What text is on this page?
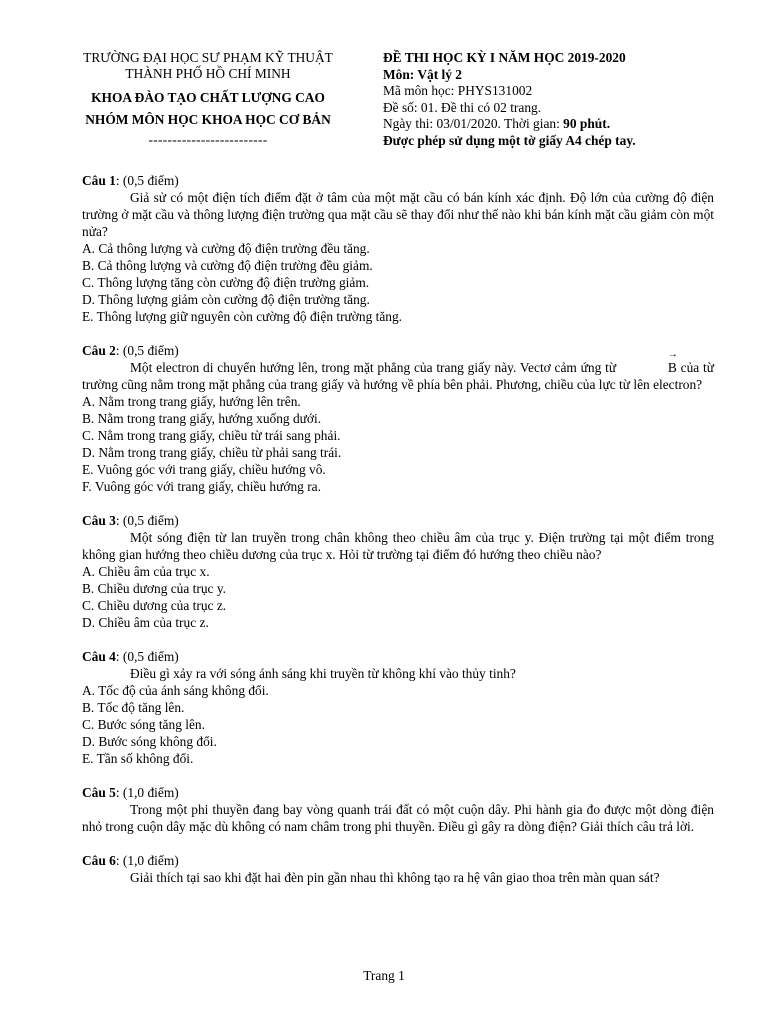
TRƯỜNG ĐẠI HỌC SƯ PHẠM KỸ THUẬT
THÀNH PHỐ HỒ CHÍ MINH
KHOA ĐÀO TẠO CHẤT LƯỢNG CAO
NHÓM MÔN HỌC KHOA HỌC CƠ BẢN
-------------------------
ĐỀ THI HỌC KỲ I NĂM HỌC 2019-2020
Môn: Vật lý 2
Mã môn học: PHYS131002
Đề số: 01. Đề thi có 02 trang.
Ngày thi: 03/01/2020. Thời gian: 90 phút.
Được phép sử dụng một tờ giấy A4 chép tay.
Câu 1: (0,5 điểm)
Giả sử có một điện tích điểm đặt ở tâm của một mặt cầu có bán kính xác định. Độ lớn của cường độ điện trường ở mặt cầu và thông lượng điện trường qua mặt cầu sẽ thay đổi như thế nào khi bán kính mặt cầu giảm còn một nửa?
A. Cả thông lượng và cường độ điện trường đều tăng.
B. Cả thông lượng và cường độ điện trường đều giảm.
C. Thông lượng tăng còn cường độ điện trường giảm.
D. Thông lượng giảm còn cường độ điện trường tăng.
E. Thông lượng giữ nguyên còn cường độ điện trường tăng.
Câu 2: (0,5 điểm)
Một electron di chuyển hướng lên, trong mặt phẳng của trang giấy này. Vectơ cảm ứng từ →	B của từ trường cũng nằm trong mặt phẳng của trang giấy và hướng về phía bên phải. Phương, chiều của lực từ lên electron?
A. Nằm trong trang giấy, hướng lên trên.
B. Nằm trong trang giấy, hướng xuống dưới.
C. Nằm trong trang giấy, chiều từ trái sang phải.
D. Nằm trong trang giấy, chiều từ phải sang trái.
E. Vuông góc với trang giấy, chiều hướng vô.
F. Vuông góc với trang giấy, chiều hướng ra.
Câu 3: (0,5 điểm)
Một sóng điện từ lan truyền trong chân không theo chiều âm của trục y. Điện trường tại một điểm trong không gian hướng theo chiều dương của trục x. Hỏi từ trường tại điểm đó hướng theo chiều nào?
A. Chiều âm của trục x.
B. Chiều dương của trục y.
C. Chiều dương của trục z.
D. Chiều âm của trục z.
Câu 4: (0,5 điểm)
Điều gì xảy ra với sóng ánh sáng khi truyền từ không khí vào thủy tinh?
A. Tốc độ của ánh sáng không đổi.
B. Tốc độ tăng lên.
C. Bước sóng tăng lên.
D. Bước sóng không đổi.
E. Tần số không đổi.
Câu 5: (1,0 điểm)
Trong một phi thuyền đang bay vòng quanh trái đất có một cuộn dây. Phi hành gia đo được một dòng điện nhỏ trong cuộn dây mặc dù không có nam châm trong phi thuyền. Điều gì gây ra dòng điện? Giải thích câu trả lời.
Câu 6: (1,0 điểm)
Giải thích tại sao khi đặt hai đèn pin gần nhau thì không tạo ra hệ vân giao thoa trên màn quan sát?
Trang 1
